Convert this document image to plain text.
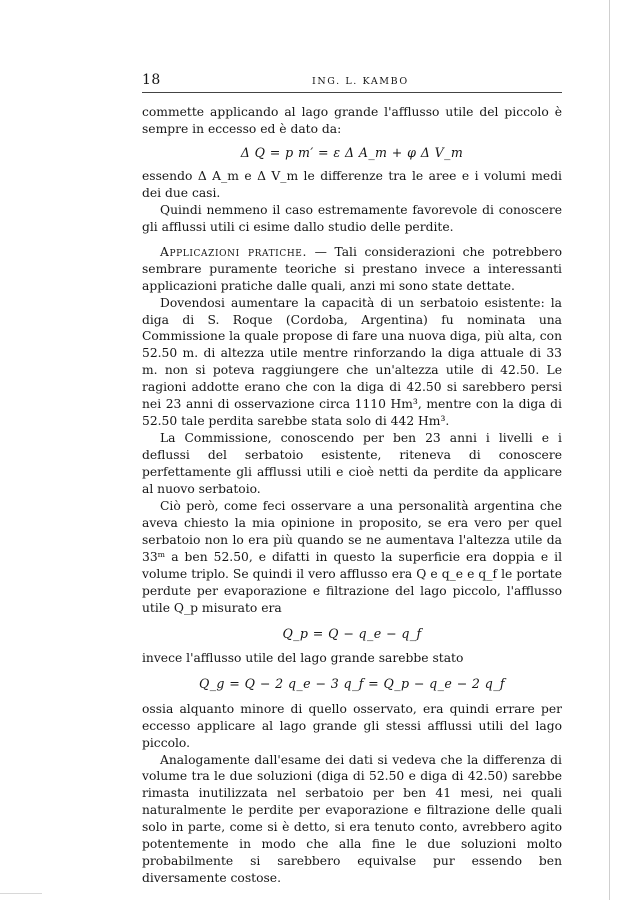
18	ING. L. KAMBO

commette applicando al lago grande l'afflusso utile del piccolo è sempre in eccesso ed è dato da:

Δ Q = p m′ = ε Δ A_m + φ Δ V_m

essendo Δ A_m e Δ V_m le differenze tra le aree e i volumi medi dei due casi.

Quindi nemmeno il caso estremamente favorevole di conoscere gli afflussi utili ci esime dallo studio delle perdite.

Applicazioni pratiche. — Tali considerazioni che potrebbero sembrare puramente teoriche si prestano invece a interessanti applicazioni pratiche dalle quali, anzi mi sono state dettate.

Dovendosi aumentare la capacità di un serbatoio esistente: la diga di S. Roque (Cordoba, Argentina) fu nominata una Commissione la quale propose di fare una nuova diga, più alta, con 52.50 m. di altezza utile mentre rinforzando la diga attuale di 33 m. non si poteva raggiungere che un'altezza utile di 42.50. Le ragioni addotte erano che con la diga di 42.50 si sarebbero persi nei 23 anni di osservazione circa 1110 Hm³, mentre con la diga di 52.50 tale perdita sarebbe stata solo di 442 Hm³.

La Commissione, conoscendo per ben 23 anni i livelli e i deflussi del serbatoio esistente, riteneva di conoscere perfettamente gli afflussi utili e cioè netti da perdite da applicare al nuovo serbatoio.

Ciò però, come feci osservare a una personalità argentina che aveva chiesto la mia opinione in proposito, se era vero per quel serbatoio non lo era più quando se ne aumentava l'altezza utile da 33ᵐ a ben 52.50, e difatti in questo la superficie era doppia e il volume triplo. Se quindi il vero afflusso era Q e q_e e q_f le portate perdute per evaporazione e filtrazione del lago piccolo, l'afflusso utile Q_p misurato era

Q_p = Q − q_e − q_f

invece l'afflusso utile del lago grande sarebbe stato

Q_g = Q − 2 q_e − 3 q_f = Q_p − q_e − 2 q_f

ossia alquanto minore di quello osservato, era quindi errare per eccesso applicare al lago grande gli stessi afflussi utili del lago piccolo.

Analogamente dall'esame dei dati si vedeva che la differenza di volume tra le due soluzioni (diga di 52.50 e diga di 42.50) sarebbe rimasta inutilizzata nel serbatoio per ben 41 mesi, nei quali naturalmente le perdite per evaporazione e filtrazione delle quali solo in parte, come si è detto, si era tenuto conto, avrebbero agito potentemente in modo che alla fine le due soluzioni molto probabilmente si sarebbero equivalse pur essendo ben diversamente costose.
